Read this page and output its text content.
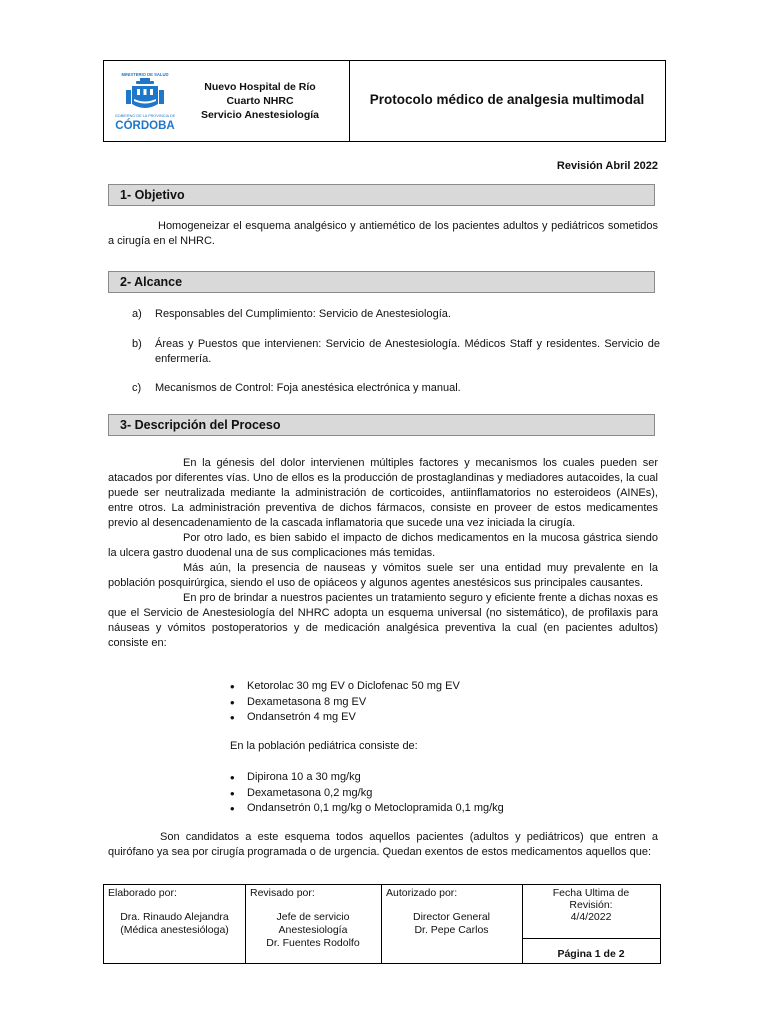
MINISTERIO DE SALUD
GOBIERNO DE LA PROVINCIA DE
CÓRDOBA
Nuevo Hospital de Río
Cuarto NHRC
Servicio Anestesiología
Protocolo médico de analgesia multimodal
Revisión Abril 2022
1- Objetivo
Homogeneizar el esquema analgésico y antiemético de los pacientes adultos y pediátricos sometidos a cirugía en el NHRC.
2- Alcance
a) Responsables del Cumplimiento: Servicio de Anestesiología.
b) Áreas y Puestos que intervienen: Servicio de Anestesiología. Médicos Staff y residentes. Servicio de enfermería.
c) Mecanismos de Control: Foja anestésica electrónica y manual.
3- Descripción del Proceso
En la génesis del dolor intervienen múltiples factores y mecanismos los cuales pueden ser atacados por diferentes vías. Uno de ellos es la producción de prostaglandinas y mediadores autacoides, la cual puede ser neutralizada mediante la administración de corticoides, antiinflamatorios no esteroideos (AINEs), entre otros. La administración preventiva de dichos fármacos, consiste en proveer de estos medicamentes previo al desencadenamiento de la cascada inflamatoria que sucede una vez iniciada la cirugía.
Por otro lado, es bien sabido el impacto de dichos medicamentos en la mucosa gástrica siendo la ulcera gastro duodenal una de sus complicaciones más temidas.
Más aún, la presencia de nauseas y vómitos suele ser una entidad muy prevalente en la población posquirúrgica, siendo el uso de opiáceos y algunos agentes anestésicos sus principales causantes.
En pro de brindar a nuestros pacientes un tratamiento seguro y eficiente frente a dichas noxas es que el Servicio de Anestesiología del NHRC adopta un esquema universal (no sistemático), de profilaxis para náuseas y vómitos postoperatorios y de medicación analgésica preventiva la cual (en pacientes adultos) consiste en:
• Ketorolac 30 mg EV o Diclofenac 50 mg EV
• Dexametasona 8 mg EV
• Ondansetrón 4 mg EV
En la población pediátrica consiste de:
• Dipirona 10 a 30 mg/kg
• Dexametasona 0,2 mg/kg
• Ondansetrón 0,1 mg/kg o Metoclopramida 0,1 mg/kg
Son candidatos a este esquema todos aquellos pacientes (adultos y pediátricos) que entren a quirófano ya sea por cirugía programada o de urgencia. Quedan exentos de estos medicamentos aquellos que:
Elaborado por:
Dra. Rinaudo Alejandra
(Médica anestesióloga)
Revisado por:
Jefe de servicio
Anestesiología
Dr. Fuentes Rodolfo
Autorizado por:
Director General
Dr. Pepe Carlos
Fecha Ultima de
Revisión:
4/4/2022
Página 1 de 2
